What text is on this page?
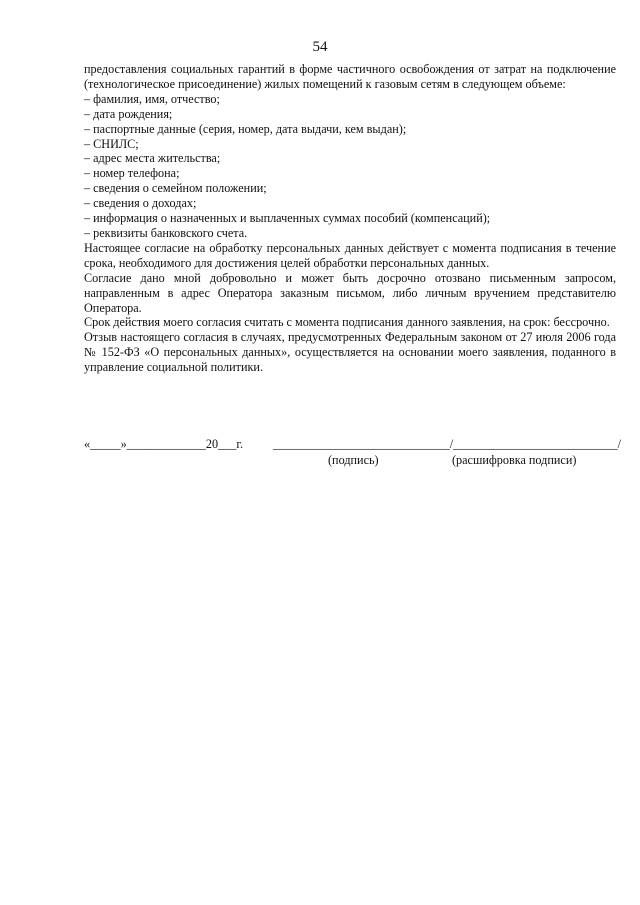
54

предоставления социальных гарантий в форме частичного освобождения от затрат на подключение (технологическое присоединение) жилых помещений к газовым сетям в следующем объеме:

– фамилия, имя, отчество;

– дата рождения;

– паспортные данные (серия, номер, дата выдачи, кем выдан);

– СНИЛС;

– адрес места жительства;

– номер телефона;

– сведения о семейном положении;

– сведения о доходах;

– информация о назначенных и выплаченных суммах пособий (компенсаций);

– реквизиты банковского счета.

Настоящее согласие на обработку персональных данных действует с момента подписания в течение срока, необходимого для достижения целей обработки персональных данных.

Согласие дано мной добровольно и может быть досрочно отозвано письменным запросом, направленным в адрес Оператора заказным письмом, либо личным вручением представителю Оператора.

Срок действия моего согласия считать с момента подписания данного заявления, на срок: бессрочно.

Отзыв настоящего согласия в случаях, предусмотренных Федеральным законом от 27 июля 2006 года № 152-ФЗ «О персональных данных», осуществляется на основании моего заявления, поданного в управление социальной политики.

«_____»_____________20___г. _____________________________/___________________________/
(подпись)	(расшифровка подписи)
